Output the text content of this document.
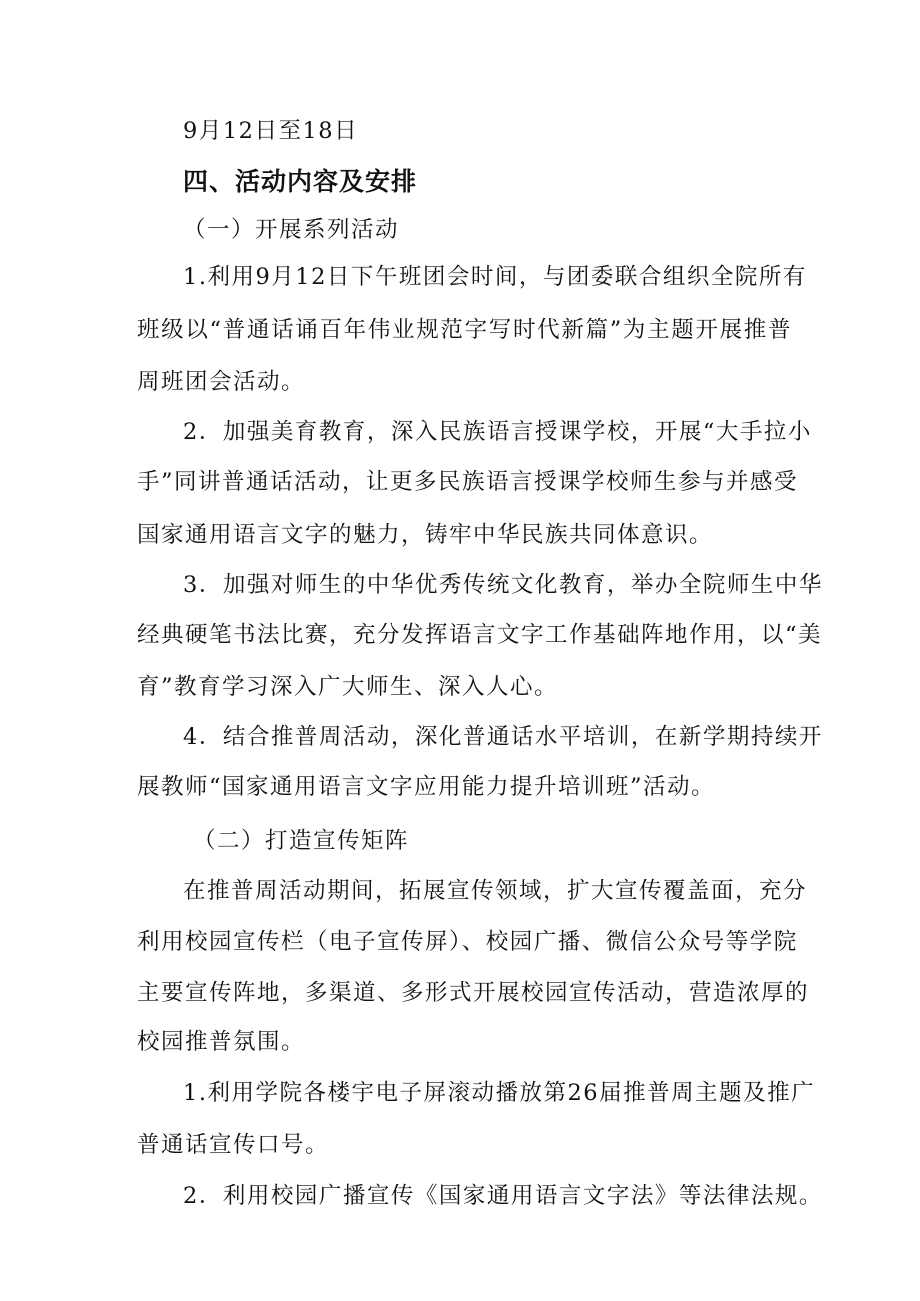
9月12日至18日
四、活动内容及安排
（一）开展系列活动
1.利用9月12日下午班团会时间，与团委联合组织全院所有
班级以“普通话诵百年伟业规范字写时代新篇”为主题开展推普
周班团会活动。
2．加强美育教育，深入民族语言授课学校，开展“大手拉小
手”同讲普通话活动，让更多民族语言授课学校师生参与并感受
国家通用语言文字的魅力，铸牢中华民族共同体意识。
3．加强对师生的中华优秀传统文化教育，举办全院师生中华
经典硬笔书法比赛，充分发挥语言文字工作基础阵地作用，以“美
育”教育学习深入广大师生、深入人心。
4．结合推普周活动，深化普通话水平培训，在新学期持续开
展教师“国家通用语言文字应用能力提升培训班”活动。
（二）打造宣传矩阵
在推普周活动期间，拓展宣传领域，扩大宣传覆盖面，充分
利用校园宣传栏（电子宣传屏）、校园广播、微信公众号等学院
主要宣传阵地，多渠道、多形式开展校园宣传活动，营造浓厚的
校园推普氛围。
1.利用学院各楼宇电子屏滚动播放第26届推普周主题及推广
普通话宣传口号。
2．利用校园广播宣传《国家通用语言文字法》等法律法规。
